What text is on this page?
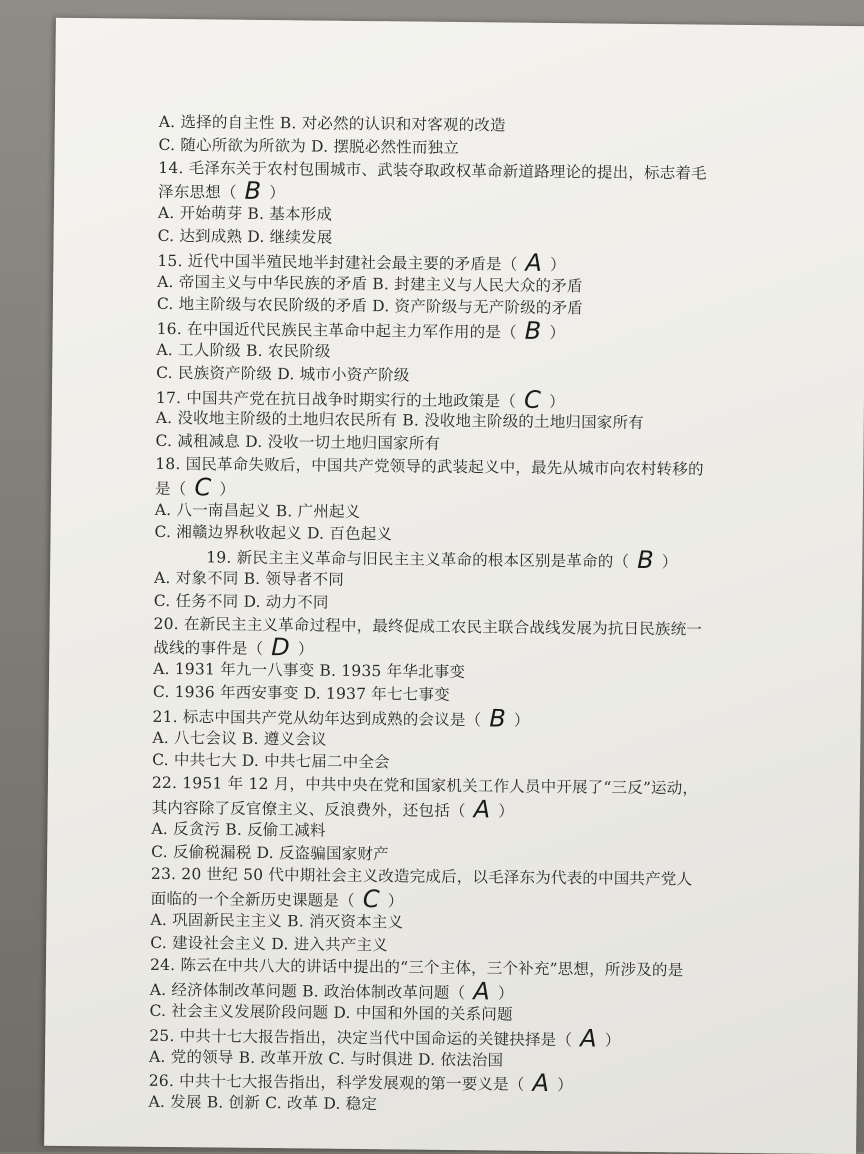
A. 选择的自主性 B. 对必然的认识和对客观的改造
C. 随心所欲为所欲为 D. 摆脱必然性而独立
14. 毛泽东关于农村包围城市、武装夺取政权革命新道路理论的提出，标志着毛
泽东思想（ B ）
A. 开始萌芽 B. 基本形成
C. 达到成熟 D. 继续发展
15. 近代中国半殖民地半封建社会最主要的矛盾是（ A ）
A. 帝国主义与中华民族的矛盾 B. 封建主义与人民大众的矛盾
C. 地主阶级与农民阶级的矛盾 D. 资产阶级与无产阶级的矛盾
16. 在中国近代民族民主革命中起主力军作用的是（ B ）
A. 工人阶级 B. 农民阶级
C. 民族资产阶级 D. 城市小资产阶级
17. 中国共产党在抗日战争时期实行的土地政策是（ C ）
A. 没收地主阶级的土地归农民所有 B. 没收地主阶级的土地归国家所有
C. 减租减息 D. 没收一切土地归国家所有
18. 国民革命失败后，中国共产党领导的武装起义中，最先从城市向农村转移的
是（ C ）
A. 八一南昌起义 B. 广州起义
C. 湘赣边界秋收起义 D. 百色起义
19. 新民主主义革命与旧民主主义革命的根本区别是革命的（ B ）
A. 对象不同 B. 领导者不同
C. 任务不同 D. 动力不同
20. 在新民主主义革命过程中，最终促成工农民主联合战线发展为抗日民族统一
战线的事件是（ D ）
A. 1931 年九一八事变 B. 1935 年华北事变
C. 1936 年西安事变 D. 1937 年七七事变
21. 标志中国共产党从幼年达到成熟的会议是（ B ）
A. 八七会议 B. 遵义会议
C. 中共七大 D. 中共七届二中全会
22. 1951 年 12 月，中共中央在党和国家机关工作人员中开展了“三反”运动，
其内容除了反官僚主义、反浪费外，还包括（ A ）
A. 反贪污 B. 反偷工减料
C. 反偷税漏税 D. 反盗骗国家财产
23. 20 世纪 50 代中期社会主义改造完成后，以毛泽东为代表的中国共产党人
面临的一个全新历史课题是（ C ）
A. 巩固新民主主义 B. 消灭资本主义
C. 建设社会主义 D. 进入共产主义
24. 陈云在中共八大的讲话中提出的“三个主体，三个补充”思想，所涉及的是
A. 经济体制改革问题 B. 政治体制改革问题（ A ）
C. 社会主义发展阶段问题 D. 中国和外国的关系问题
25. 中共十七大报告指出，决定当代中国命运的关键抉择是（ A ）
A. 党的领导 B. 改革开放 C. 与时俱进 D. 依法治国
26. 中共十七大报告指出，科学发展观的第一要义是（ A ）
A. 发展 B. 创新 C. 改革 D. 稳定
